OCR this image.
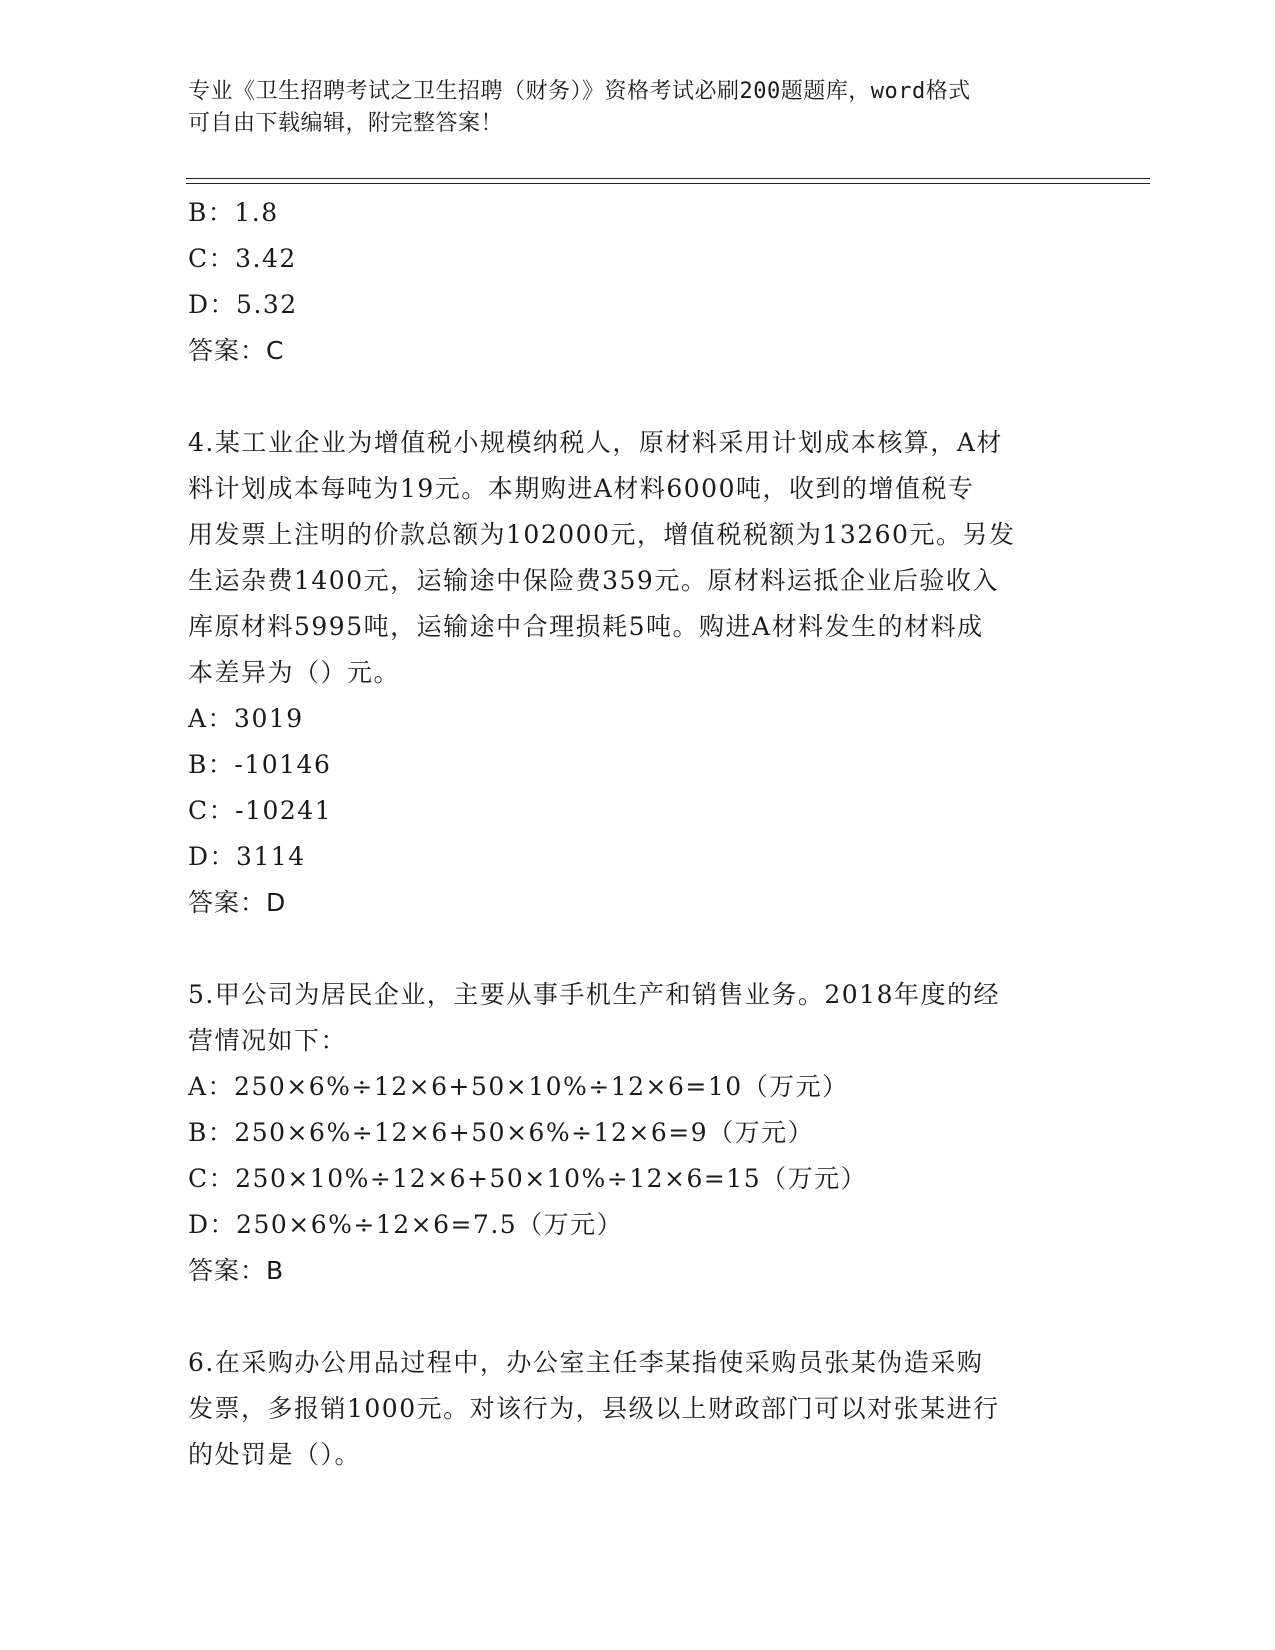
专业《卫生招聘考试之卫生招聘（财务）》资格考试必刷200题题库，word格式
可自由下载编辑，附完整答案！
B：1.8
C：3.42
D：5.32
答案：C
4.某工业企业为增值税小规模纳税人，原材料采用计划成本核算，A材
料计划成本每吨为19元。本期购进A材料6000吨，收到的增值税专
用发票上注明的价款总额为102000元，增值税税额为13260元。另发
生运杂费1400元，运输途中保险费359元。原材料运抵企业后验收入
库原材料5995吨，运输途中合理损耗5吨。购进A材料发生的材料成
本差异为（）元。
A：3019
B：-10146
C：-10241
D：3114
答案：D
5.甲公司为居民企业，主要从事手机生产和销售业务。2018年度的经
营情况如下：
A：250×6%÷12×6+50×10%÷12×6=10（万元）
B：250×6%÷12×6+50×6%÷12×6=9（万元）
C：250×10%÷12×6+50×10%÷12×6=15（万元）
D：250×6%÷12×6=7.5（万元）
答案：B
6.在采购办公用品过程中，办公室主任李某指使采购员张某伪造采购
发票，多报销1000元。对该行为，县级以上财政部门可以对张某进行
的处罚是（）。
